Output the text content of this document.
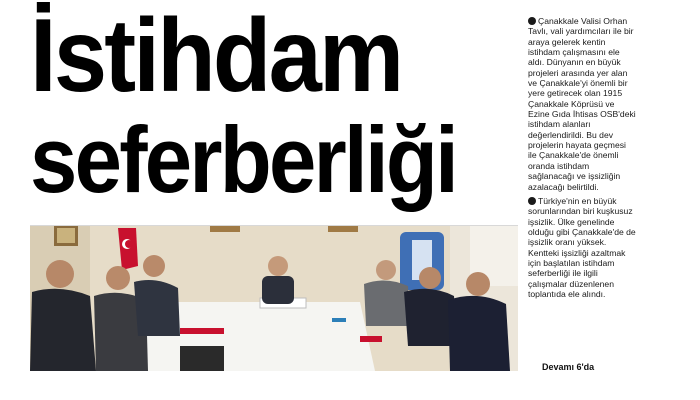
İstihdam
seferberliği

Çanakkale Valisi Orhan Tavlı, vali yardımcıları ile bir araya gelerek kentin istihdam çalışmasını ele aldı. Dünyanın en büyük projeleri arasında yer alan ve Çanakkale'yi önemli bir yere getirecek olan 1915 Çanakkale Köprüsü ve Ezine Gıda İhtisas OSB'deki istihdam alanları değerlendirildi. Bu dev projelerin hayata geçmesi ile Çanakkale'de önemli oranda istihdam sağlanacağı ve işsizliğin azalacağı belirtildi.

Türkiye'nin en büyük sorunlarından biri kuşkusuz işsizlik. Ülke genelinde olduğu gibi Çanakkale'de de işsizlik oranı yüksek. Kentteki işsizliği azaltmak için başlatılan istihdam seferberliği ile ilgili çalışmalar düzenlenen toplantıda ele alındı.

Devamı 6'da
